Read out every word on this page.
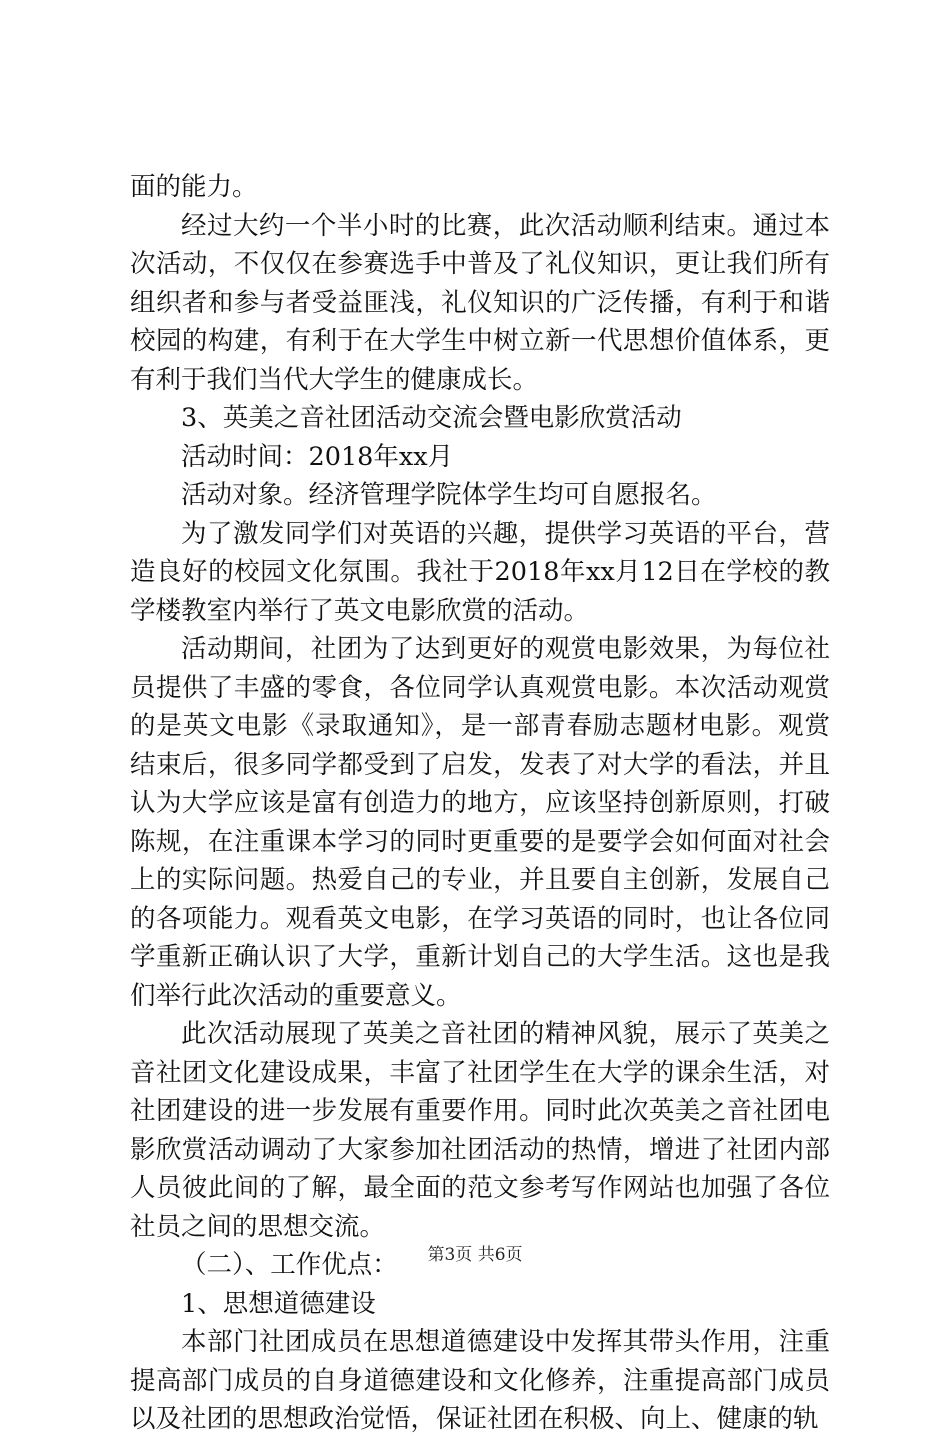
面的能力。

经过大约一个半小时的比赛，此次活动顺利结束。通过本次活动，不仅仅在参赛选手中普及了礼仪知识，更让我们所有组织者和参与者受益匪浅，礼仪知识的广泛传播，有利于和谐校园的构建，有利于在大学生中树立新一代思想价值体系，更有利于我们当代大学生的健康成长。

3、英美之音社团活动交流会暨电影欣赏活动

活动时间：2018年xx月

活动对象。经济管理学院体学生均可自愿报名。

为了激发同学们对英语的兴趣，提供学习英语的平台，营造良好的校园文化氛围。我社于2018年xx月12日在学校的教学楼教室内举行了英文电影欣赏的活动。

活动期间，社团为了达到更好的观赏电影效果，为每位社员提供了丰盛的零食，各位同学认真观赏电影。本次活动观赏的是英文电影《录取通知》，是一部青春励志题材电影。观赏结束后，很多同学都受到了启发，发表了对大学的看法，并且认为大学应该是富有创造力的地方，应该坚持创新原则，打破陈规，在注重课本学习的同时更重要的是要学会如何面对社会上的实际问题。热爱自己的专业，并且要自主创新，发展自己的各项能力。观看英文电影，在学习英语的同时，也让各位同学重新正确认识了大学，重新计划自己的大学生活。这也是我们举行此次活动的重要意义。

此次活动展现了英美之音社团的精神风貌，展示了英美之音社团文化建设成果，丰富了社团学生在大学的课余生活，对社团建设的进一步发展有重要作用。同时此次英美之音社团电影欣赏活动调动了大家参加社团活动的热情，增进了社团内部人员彼此间的了解，最全面的范文参考写作网站也加强了各位社员之间的思想交流。

（二）、工作优点：

1、思想道德建设

本部门社团成员在思想道德建设中发挥其带头作用，注重提高部门成员的自身道德建设和文化修养，注重提高部门成员以及社团的思想政治觉悟，保证社团在积极、向上、健康的轨

第3页 共6页
